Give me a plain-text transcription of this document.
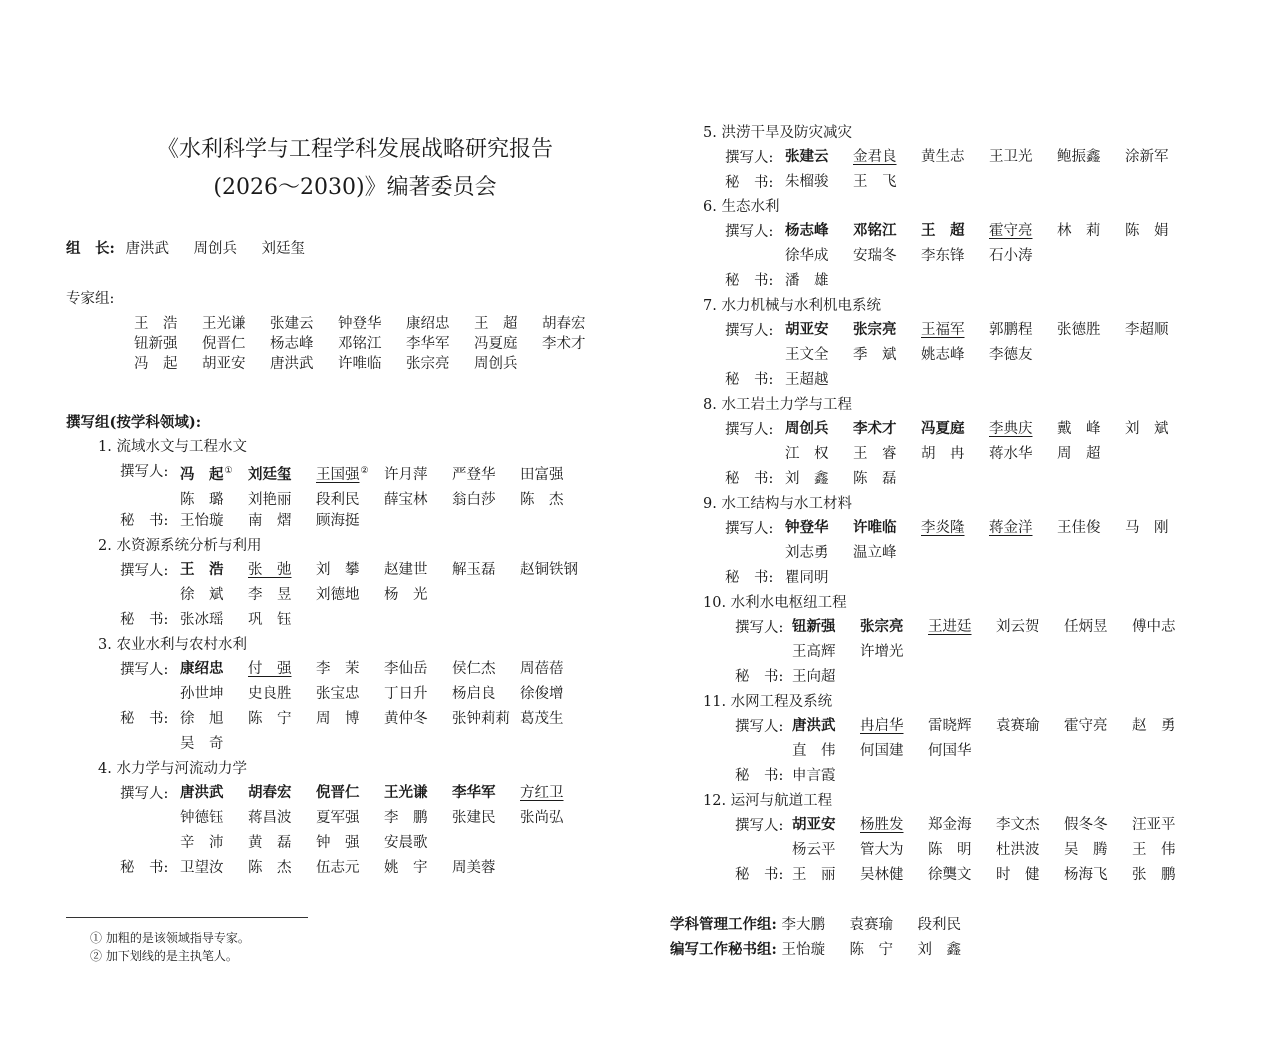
《水利科学与工程学科发展战略研究报告
(2026～2030)》编著委员会
组　长: 唐洪武 周创兵 刘廷玺
专家组:
王　浩 王光谦 张建云 钟登华 康绍忠 王　超 胡春宏
钮新强 倪晋仁 杨志峰 邓铭江 李华军 冯夏庭 李术才
冯　起 胡亚安 唐洪武 许唯临 张宗亮 周创兵
撰写组(按学科领域):
1. 流域水文与工程水文
撰写人: 冯　起① 刘廷玺 王国强② 许月萍 严登华 田富强
陈　璐 刘艳丽 段利民 薛宝林 翁白莎 陈　杰
秘　书: 王怡璇 南　熠 顾海挺
2. 水资源系统分析与利用
撰写人: 王　浩 张　弛 刘　攀 赵建世 解玉磊 赵铜铁钢
徐　斌 李　昱 刘德地 杨　光
秘　书: 张冰瑶 巩　钰
3. 农业水利与农村水利
撰写人: 康绍忠 付　强 李　茉 李仙岳 侯仁杰 周蓓蓓
孙世坤 史良胜 张宝忠 丁日升 杨启良 徐俊增
秘　书: 徐　旭 陈　宁 周　博 黄仲冬 张钟莉莉 葛茂生
吴　奇
4. 水力学与河流动力学
撰写人: 唐洪武 胡春宏 倪晋仁 王光谦 李华军 方红卫
钟德钰 蒋昌波 夏军强 李　鹏 张建民 张尚弘
辛　沛 黄　磊 钟　强 安晨歌
秘　书: 卫望汝 陈　杰 伍志元 姚　宇 周美蓉
① 加粗的是该领域指导专家。
② 加下划线的是主执笔人。
5. 洪涝干旱及防灾减灾
撰写人: 张建云 金君良 黄生志 王卫光 鲍振鑫 涂新军
秘　书: 朱榴骏 王　飞
6. 生态水利
撰写人: 杨志峰 邓铭江 王　超 霍守亮 林　莉 陈　娟
徐华成 安瑞冬 李东锋 石小涛
秘　书: 潘　雄
7. 水力机械与水利机电系统
撰写人: 胡亚安 张宗亮 王福军 郭鹏程 张德胜 李超顺
王文全 季　斌 姚志峰 李德友
秘　书: 王超越
8. 水工岩土力学与工程
撰写人: 周创兵 李术才 冯夏庭 李典庆 戴　峰 刘　斌
江　权 王　睿 胡　冉 蒋水华 周　超
秘　书: 刘　鑫 陈　磊
9. 水工结构与水工材料
撰写人: 钟登华 许唯临 李炎隆 蒋金洋 王佳俊 马　刚
刘志勇 温立峰
秘　书: 瞿同明
10. 水利水电枢纽工程
撰写人: 钮新强 张宗亮 王进廷 刘云贺 任炳昱 傅中志
王高辉 许增光
秘　书: 王向超
11. 水网工程及系统
撰写人: 唐洪武 冉启华 雷晓辉 袁赛瑜 霍守亮 赵　勇
直　伟 何国建 何国华
秘　书: 申言霞
12. 运河与航道工程
撰写人: 胡亚安 杨胜发 郑金海 李文杰 假冬冬 汪亚平
杨云平 管大为 陈　明 杜洪波 吴　腾 王　伟
秘　书: 王　丽 吴林健 徐龑文 时　健 杨海飞 张　鹏
学科管理工作组: 李大鹏 袁赛瑜 段利民
编写工作秘书组: 王怡璇 陈　宁 刘　鑫
